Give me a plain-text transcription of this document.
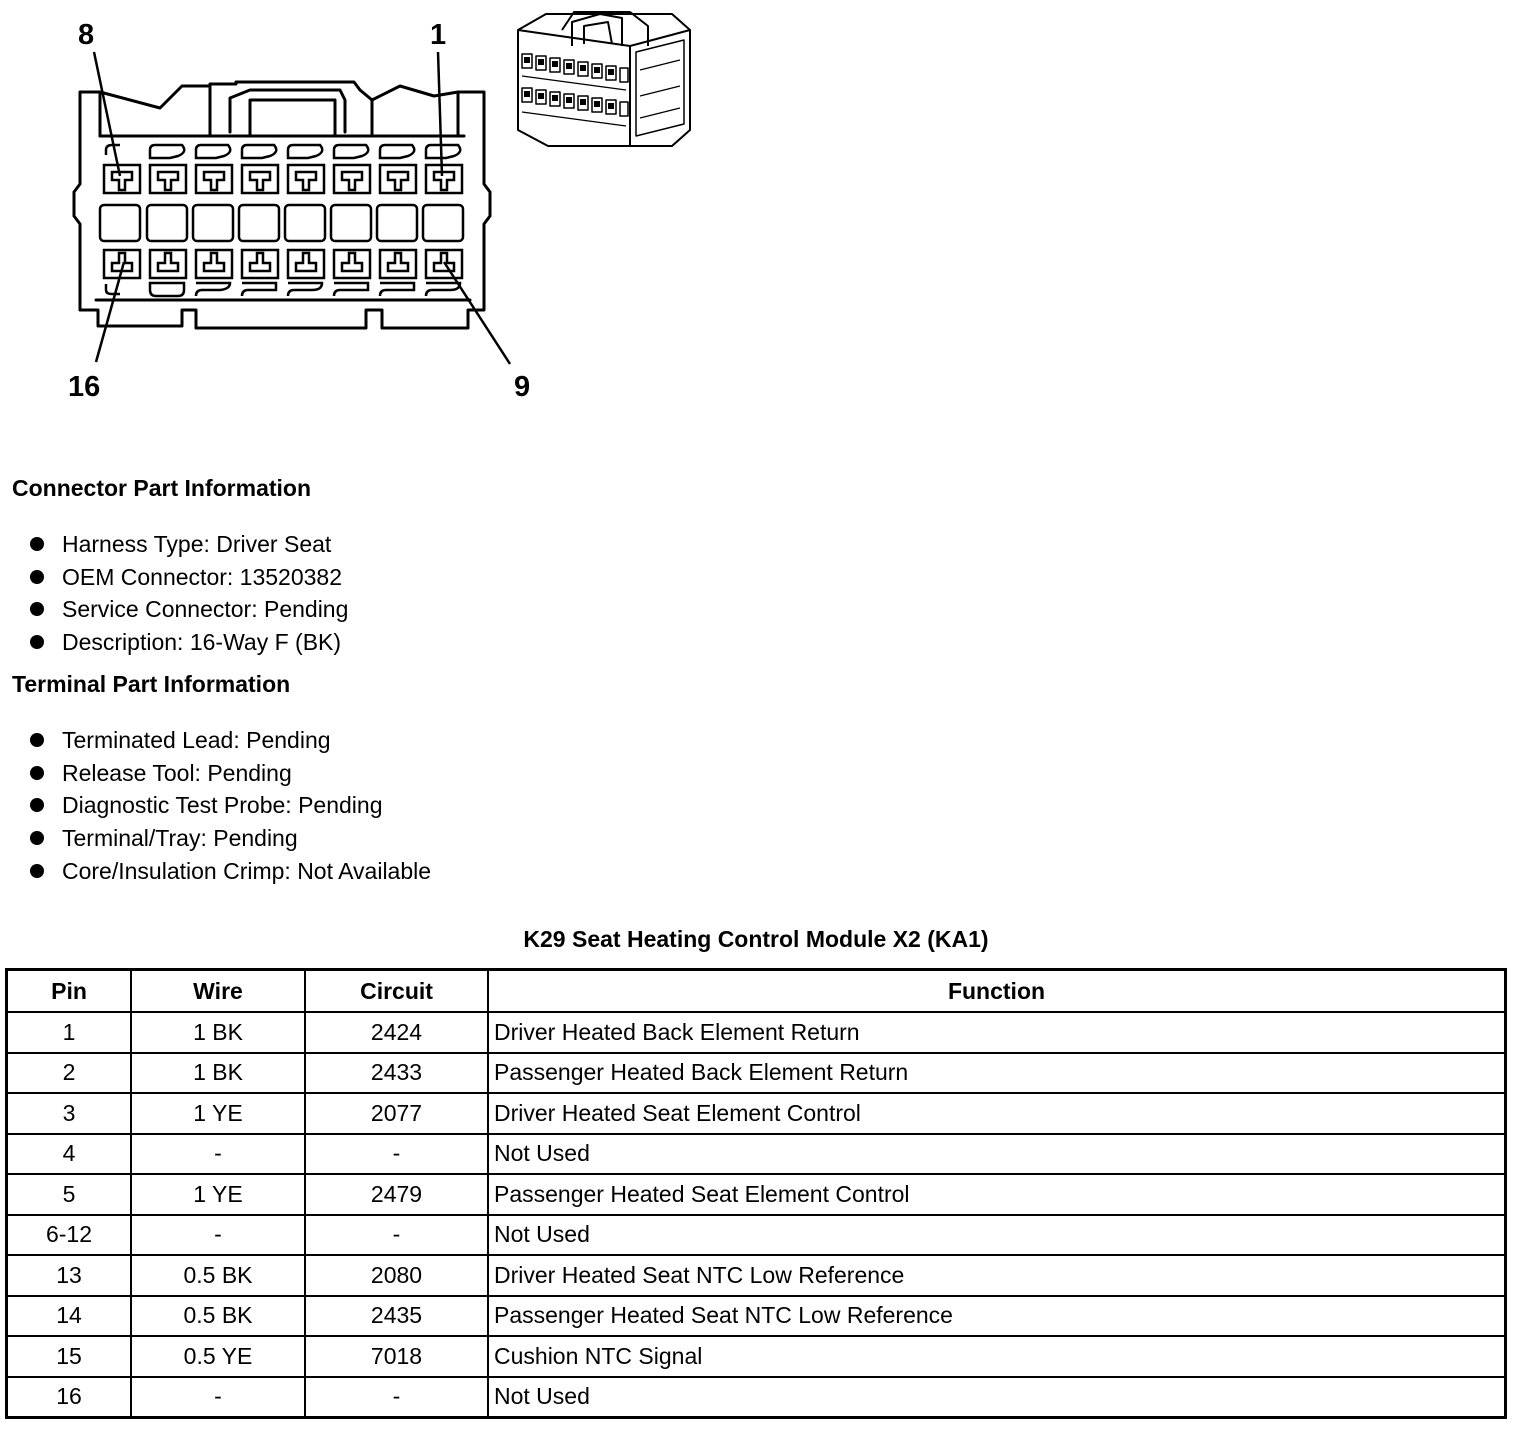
8	1
16	9
Connector Part Information
Harness Type: Driver Seat
OEM Connector: 13520382
Service Connector: Pending
Description: 16-Way F (BK)
Terminal Part Information
Terminated Lead: Pending
Release Tool: Pending
Diagnostic Test Probe: Pending
Terminal/Tray: Pending
Core/Insulation Crimp: Not Available
K29 Seat Heating Control Module X2 (KA1)
Pin	Wire	Circuit	Function
1	1 BK	2424	Driver Heated Back Element Return
2	1 BK	2433	Passenger Heated Back Element Return
3	1 YE	2077	Driver Heated Seat Element Control
4	-	-	Not Used
5	1 YE	2479	Passenger Heated Seat Element Control
6-12	-	-	Not Used
13	0.5 BK	2080	Driver Heated Seat NTC Low Reference
14	0.5 BK	2435	Passenger Heated Seat NTC Low Reference
15	0.5 YE	7018	Cushion NTC Signal
16	-	-	Not Used
